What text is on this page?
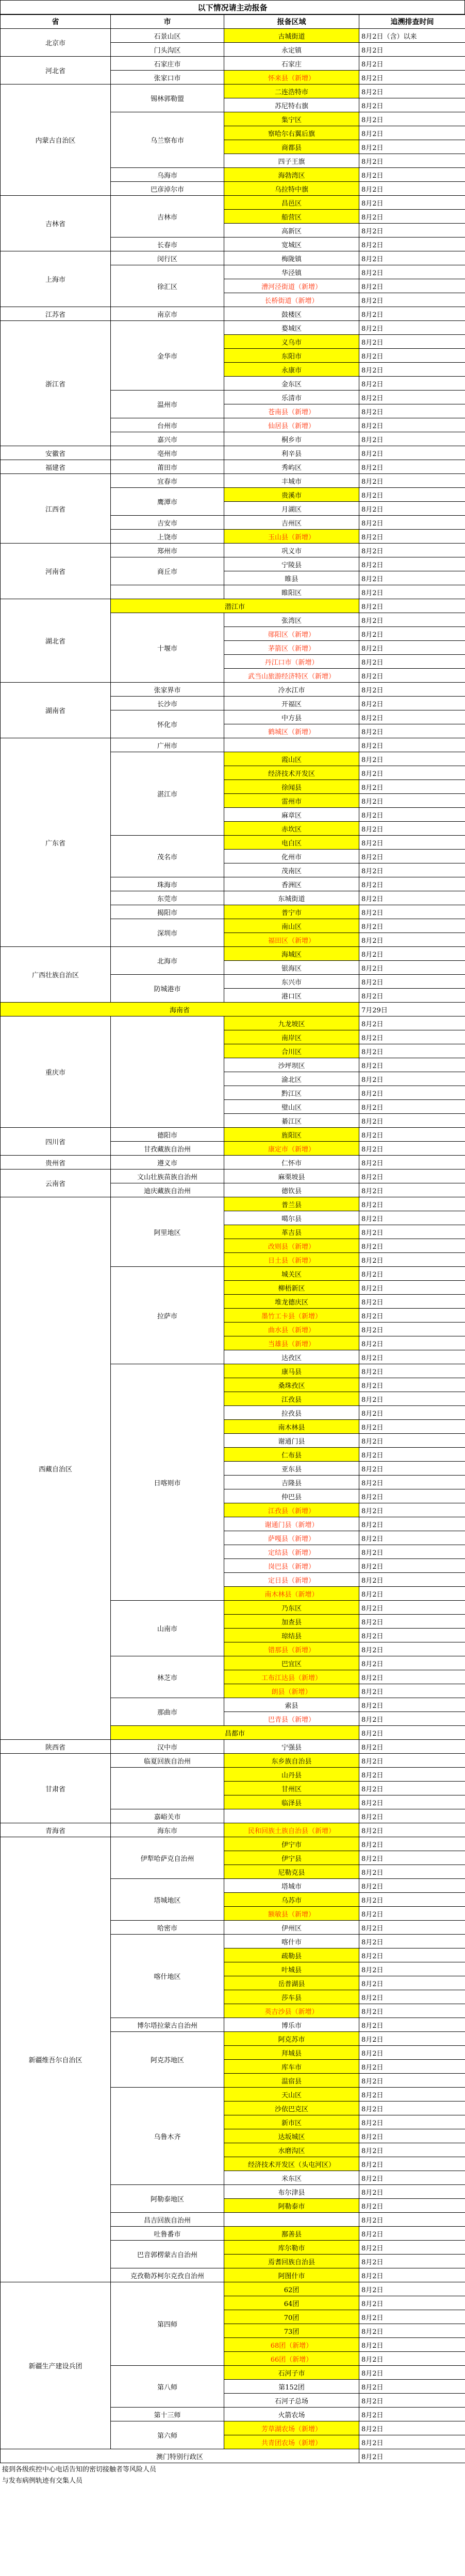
以下情况请主动报备
省	市	报备区域	追溯排查时间
北京市	石景山区	古城街道	8月2日（含）以来
	门头沟区	永定镇	8月2日
河北省	石家庄市	石家庄	8月2日
	张家口市	怀来县（新增）	8月2日
内蒙古自治区	锡林郭勒盟	二连浩特市	8月2日
		苏尼特右旗	8月2日
	乌兰察布市	集宁区	8月2日
		察哈尔右翼后旗	8月2日
		商都县	8月2日
		四子王旗	8月2日
	乌海市	海勃湾区	8月2日
	巴彦淖尔市	乌拉特中旗	8月2日
吉林省	吉林市	昌邑区	8月2日
		船营区	8月2日
		高新区	8月2日
	长春市	宽城区	8月2日
上海市	闵行区	梅陇镇	8月2日
	徐汇区	华泾镇	8月2日
		漕河泾街道（新增）	8月2日
		长桥街道（新增）	8月2日
江苏省	南京市	鼓楼区	8月2日
浙江省	金华市	婺城区	8月2日
		义乌市	8月2日
		东阳市	8月2日
		永康市	8月2日
		金东区	8月2日
	温州市	乐清市	8月2日
		苍南县（新增）	8月2日
	台州市	仙居县（新增）	8月2日
	嘉兴市	桐乡市	8月2日
安徽省	亳州市	利辛县	8月2日
福建省	莆田市	秀屿区	8月2日
江西省	宜春市	丰城市	8月2日
	鹰潭市	贵溪市	8月2日
		月湖区	8月2日
	吉安市	吉州区	8月2日
	上饶市	玉山县（新增）	8月2日
河南省	郑州市	巩义市	8月2日
	商丘市	宁陵县	8月2日
		睢县	8月2日
		睢阳区	8月2日
湖北省	潜江市		8月2日
	十堰市	张湾区	8月2日
		郧阳区（新增）	8月2日
		茅箭区（新增）	8月2日
		丹江口市（新增）	8月2日
		武当山旅游经济特区（新增）	8月2日
湖南省	张家界市	冷水江市	8月2日
	长沙市	开福区	8月2日
	怀化市	中方县	8月2日
		鹤城区（新增）	8月2日
广东省	广州市		8月2日
	湛江市	霞山区	8月2日
		经济技术开发区	8月2日
		徐闻县	8月2日
		雷州市	8月2日
		麻章区	8月2日
		赤坎区	8月2日
	茂名市	电白区	8月2日
		化州市	8月2日
		茂南区	8月2日
	珠海市	香洲区	8月2日
	东莞市	东城街道	8月2日
	揭阳市	普宁市	8月2日
	深圳市	南山区	8月2日
		福田区（新增）	8月2日
广西壮族自治区	北海市	海城区	8月2日
		银海区	8月2日
	防城港市	东兴市	8月2日
		港口区	8月2日
海南省			7月29日
重庆市		九龙坡区	8月2日
		南岸区	8月2日
		合川区	8月2日
		沙坪坝区	8月2日
		渝北区	8月2日
		黔江区	8月2日
		璧山区	8月2日
		綦江区	8月2日
四川省	德阳市	旌阳区	8月2日
	甘孜藏族自治州	康定市（新增）	8月2日
贵州省	遵义市	仁怀市	8月2日
云南省	文山壮族苗族自治州	麻栗坡县	8月2日
	迪庆藏族自治州	德钦县	8月2日
西藏自治区	阿里地区	普兰县	8月2日
		噶尔县	8月2日
		革吉县	8月2日
		改则县（新增）	8月2日
		日土县（新增）	8月2日
	拉萨市	城关区	8月2日
		柳梧新区	8月2日
		堆龙德庆区	8月2日
		墨竹工卡县（新增）	8月2日
		曲水县（新增）	8月2日
		当雄县（新增）	8月2日
		达孜区	8月2日
	日喀则市	康马县	8月2日
		桑珠孜区	8月2日
		江孜县	8月2日
		拉孜县	8月2日
		南木林县	8月2日
		谢通门县	8月2日
		仁布县	8月2日
		亚东县	8月2日
		吉隆县	8月2日
		仲巴县	8月2日
		江孜县（新增）	8月2日
		谢通门县（新增）	8月2日
		萨嘎县（新增）	8月2日
		定结县（新增）	8月2日
		岗巴县（新增）	8月2日
		定日县（新增）	8月2日
		南木林县（新增）	8月2日
	山南市	乃东区	8月2日
		加查县	8月2日
		琼结县	8月2日
		错那县（新增）	8月2日
	林芝市	巴宜区	8月2日
		工布江达县（新增）	8月2日
		朗县（新增）	8月2日
	那曲市	索县	8月2日
		巴青县（新增）	8月2日
	昌都市		8月2日
陕西省	汉中市	宁强县	8月2日
甘肃省	临夏回族自治州	东乡族自治县	8月2日
		山丹县	8月2日
		甘州区	8月2日
		临泽县	8月2日
	嘉峪关市		8月2日
青海省	海东市	民和回族土族自治县（新增）	8月2日
新疆维吾尔自治区	伊犁哈萨克自治州	伊宁市	8月2日
		伊宁县	8月2日
		尼勒克县	8月2日
	塔城地区	塔城市	8月2日
		乌苏市	8月2日
		额敏县（新增）	8月2日
	哈密市	伊州区	8月2日
	喀什地区	喀什市	8月2日
		疏勒县	8月2日
		叶城县	8月2日
		岳普湖县	8月2日
		莎车县	8月2日
		英吉沙县（新增）	8月2日
	博尔塔拉蒙古自治州	博乐市	8月2日
	阿克苏地区	阿克苏市	8月2日
		拜城县	8月2日
		库车市	8月2日
		温宿县	8月2日
	乌鲁木齐	天山区	8月2日
		沙依巴克区	8月2日
		新市区	8月2日
		达坂城区	8月2日
		水磨沟区	8月2日
		经济技术开发区（头屯河区）	8月2日
		米东区	8月2日
	阿勒泰地区	布尔津县	8月2日
		阿勒泰市	8月2日
	昌吉回族自治州		8月2日
	吐鲁番市	鄯善县	8月2日
	巴音郭楞蒙古自治州	库尔勒市	8月2日
		焉耆回族自治县	8月2日
	克孜勒苏柯尔克孜自治州	阿图什市	8月2日
新疆生产建设兵团	第四师	62团	8月2日
		64团	8月2日
		70团	8月2日
		73团	8月2日
		68团（新增）	8月2日
		66团（新增）	8月2日
	第八师	石河子市	8月2日
		第152团	8月2日
		石河子总场	8月2日
	第十三师	火箭农场	8月2日
	第六师	芳草湖农场（新增）	8月2日
		共青团农场（新增）	8月2日
澳门特别行政区			8月2日
接到各级疾控中心电话告知的密切接触者等风险人员
与发布病例轨迹有交集人员
